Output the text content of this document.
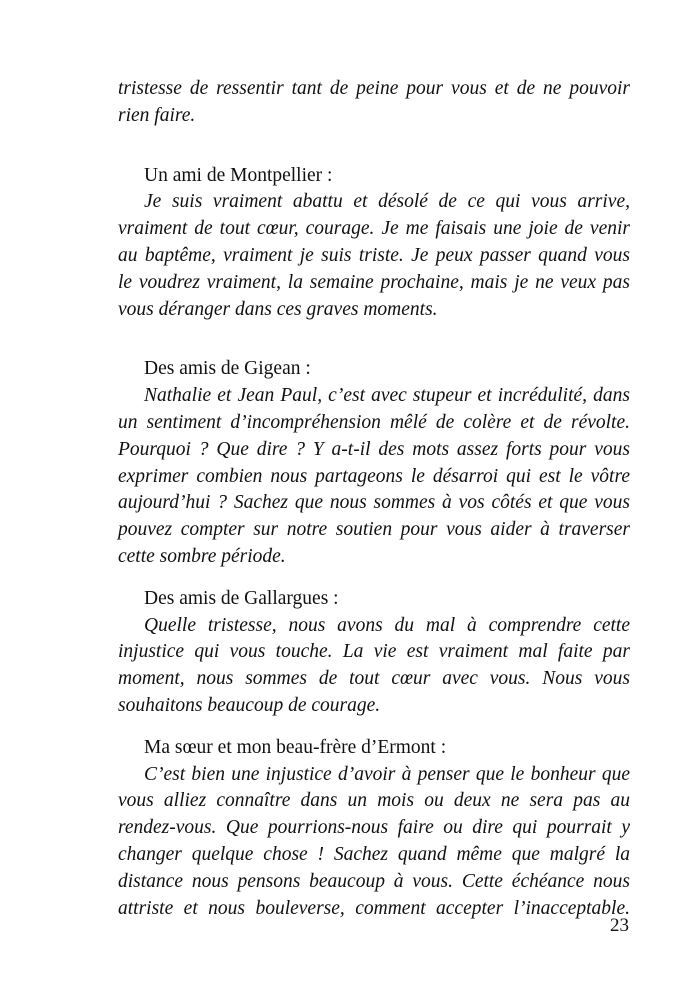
tristesse de ressentir tant de peine pour vous et de ne pouvoir
rien faire.
Un ami de Montpellier :
Je suis vraiment abattu et désolé de ce qui vous arrive,
vraiment de tout cœur, courage. Je me faisais une joie de venir
au baptême, vraiment je suis triste. Je peux passer quand vous
le voudrez vraiment, la semaine prochaine, mais je ne veux pas
vous déranger dans ces graves moments.
Des amis de Gigean :
Nathalie et Jean Paul, c’est avec stupeur et incrédulité, dans
un sentiment d’incompréhension mêlé de colère et de révolte.
Pourquoi ? Que dire ? Y a-t-il des mots assez forts pour vous
exprimer combien nous partageons le désarroi qui est le vôtre
aujourd’hui ? Sachez que nous sommes à vos côtés et que vous
pouvez compter sur notre soutien pour vous aider à traverser
cette sombre période.
Des amis de Gallargues :
Quelle tristesse, nous avons du mal à comprendre cette
injustice qui vous touche. La vie est vraiment mal faite par
moment, nous sommes de tout cœur avec vous. Nous vous
souhaitons beaucoup de courage.
Ma sœur et mon beau-frère d’Ermont :
C’est bien une injustice d’avoir à penser que le bonheur que
vous alliez connaître dans un mois ou deux ne sera pas au
rendez-vous. Que pourrions-nous faire ou dire qui pourrait y
changer quelque chose ! Sachez quand même que malgré la
distance nous pensons beaucoup à vous. Cette échéance nous
attriste et nous bouleverse, comment accepter l’inacceptable.
23
